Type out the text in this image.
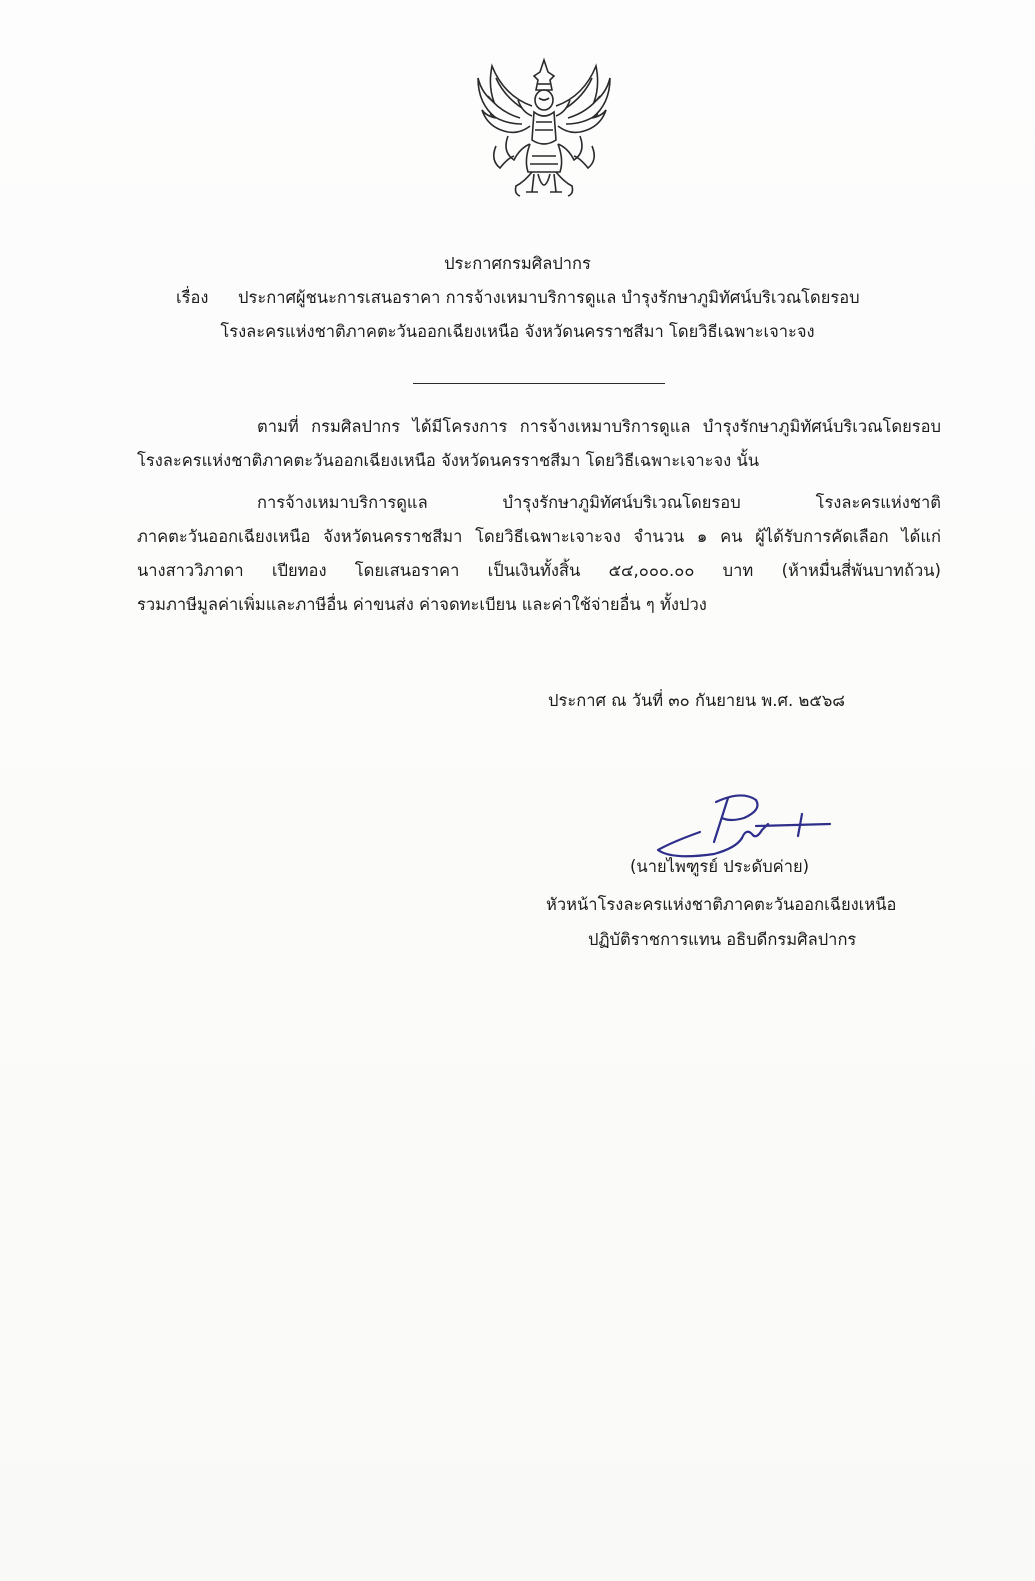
ประกาศกรมศิลปากร
เรื่อง ประกาศผู้ชนะการเสนอราคา การจ้างเหมาบริการดูแล บำรุงรักษาภูมิทัศน์บริเวณโดยรอบ
โรงละครแห่งชาติภาคตะวันออกเฉียงเหนือ จังหวัดนครราชสีมา โดยวิธีเฉพาะเจาะจง
ตามที่ กรมศิลปากร ได้มีโครงการ การจ้างเหมาบริการดูแล บำรุงรักษาภูมิทัศน์บริเวณโดยรอบ
โรงละครแห่งชาติภาคตะวันออกเฉียงเหนือ จังหวัดนครราชสีมา โดยวิธีเฉพาะเจาะจง นั้น
การจ้างเหมาบริการดูแล บำรุงรักษาภูมิทัศน์บริเวณโดยรอบ โรงละครแห่งชาติ
ภาคตะวันออกเฉียงเหนือ จังหวัดนครราชสีมา โดยวิธีเฉพาะเจาะจง จำนวน ๑ คน ผู้ได้รับการคัดเลือก ได้แก่
นางสาววิภาดา เปียทอง โดยเสนอราคา เป็นเงินทั้งสิ้น ๕๔,๐๐๐.๐๐ บาท (ห้าหมื่นสี่พันบาทถ้วน)
รวมภาษีมูลค่าเพิ่มและภาษีอื่น ค่าขนส่ง ค่าจดทะเบียน และค่าใช้จ่ายอื่น ๆ ทั้งปวง
ประกาศ ณ วันที่ ๓๐ กันยายน พ.ศ. ๒๕๖๘
(นายไพฑูรย์ ประดับค่าย)
หัวหน้าโรงละครแห่งชาติภาคตะวันออกเฉียงเหนือ
ปฏิบัติราชการแทน อธิบดีกรมศิลปากร
